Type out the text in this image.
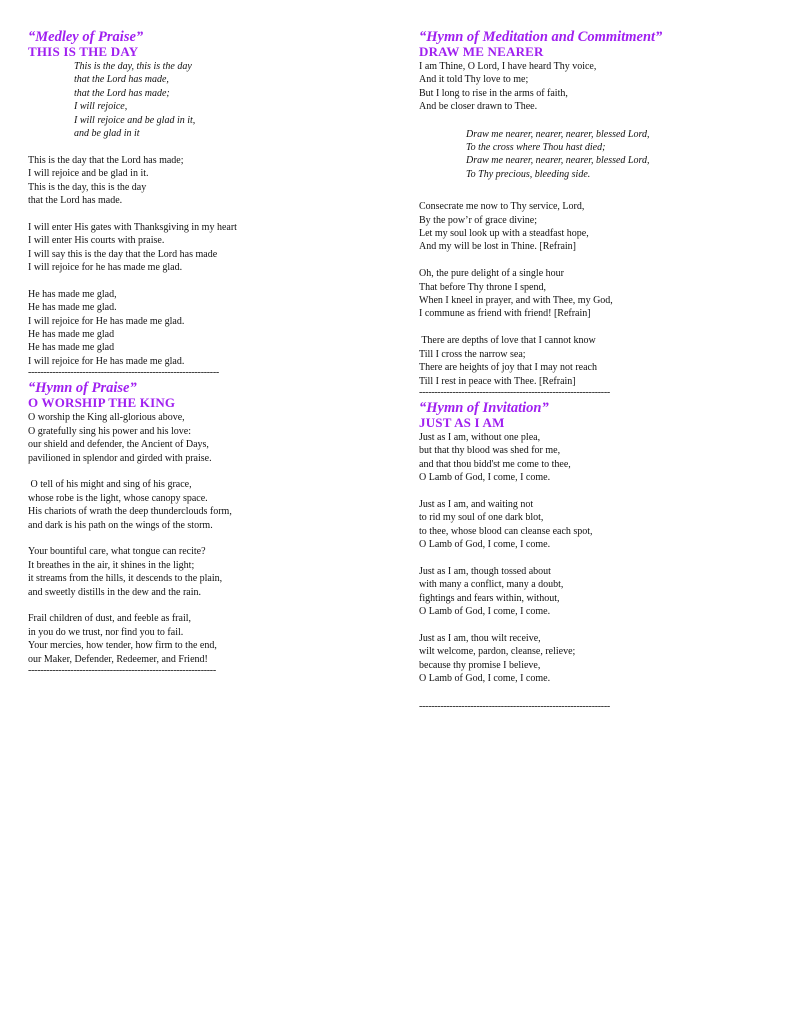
“Medley of Praise”

THIS IS THE DAY

This is the day, this is the day
that the Lord has made,
that the Lord has made;
I will rejoice,
I will rejoice and be glad in it,
and be glad in it
This is the day that the Lord has made;
I will rejoice and be glad in it.
This is the day, this is the day
that the Lord has made.
I will enter His gates with Thanksgiving in my heart
I will enter His courts with praise.
I will say this is the day that the Lord has made
I will rejoice for he has made me glad.
He has made me glad,
He has made me glad.
I will rejoice for He has made me glad.
He has made me glad
He has made me glad
I will rejoice for He has made me glad.
---------------------------------------------------------------

“Hymn of Praise”

O WORSHIP THE KING

O worship the King all-glorious above,
O gratefully sing his power and his love:
our shield and defender, the Ancient of Days,
pavilioned in splendor and girded with praise.
O tell of his might and sing of his grace,
whose robe is the light, whose canopy space.
His chariots of wrath the deep thunderclouds form,
and dark is his path on the wings of the storm.
Your bountiful care, what tongue can recite?
It breathes in the air, it shines in the light;
it streams from the hills, it descends to the plain,
and sweetly distills in the dew and the rain.
Frail children of dust, and feeble as frail,
in you do we trust, nor find you to fail.
Your mercies, how tender, how firm to the end,
our Maker, Defender, Redeemer, and Friend!
--------------------------------------------------------------

“Hymn of Meditation and Commitment”

DRAW ME NEARER

I am Thine, O Lord, I have heard Thy voice,
And it told Thy love to me;
But I long to rise in the arms of faith,
And be closer drawn to Thee.
Draw me nearer, nearer, nearer, blessed Lord,
To the cross where Thou hast died;
Draw me nearer, nearer, nearer, blessed Lord,
To Thy precious, bleeding side.
Consecrate me now to Thy service, Lord,
By the pow’r of grace divine;
Let my soul look up with a steadfast hope,
And my will be lost in Thine. [Refrain]
Oh, the pure delight of a single hour
That before Thy throne I spend,
When I kneel in prayer, and with Thee, my God,
I commune as friend with friend! [Refrain]
There are depths of love that I cannot know
Till I cross the narrow sea;
There are heights of joy that I may not reach
Till I rest in peace with Thee. [Refrain]
---------------------------------------------------------------

“Hymn of Invitation”

JUST AS I AM

Just as I am, without one plea,
but that thy blood was shed for me,
and that thou bidd'st me come to thee,
O Lamb of God, I come, I come.
Just as I am, and waiting not
to rid my soul of one dark blot,
to thee, whose blood can cleanse each spot,
O Lamb of God, I come, I come.
Just as I am, though tossed about
with many a conflict, many a doubt,
fightings and fears within, without,
O Lamb of God, I come, I come.
Just as I am, thou wilt receive,
wilt welcome, pardon, cleanse, relieve;
because thy promise I believe,
O Lamb of God, I come, I come.
---------------------------------------------------------------
